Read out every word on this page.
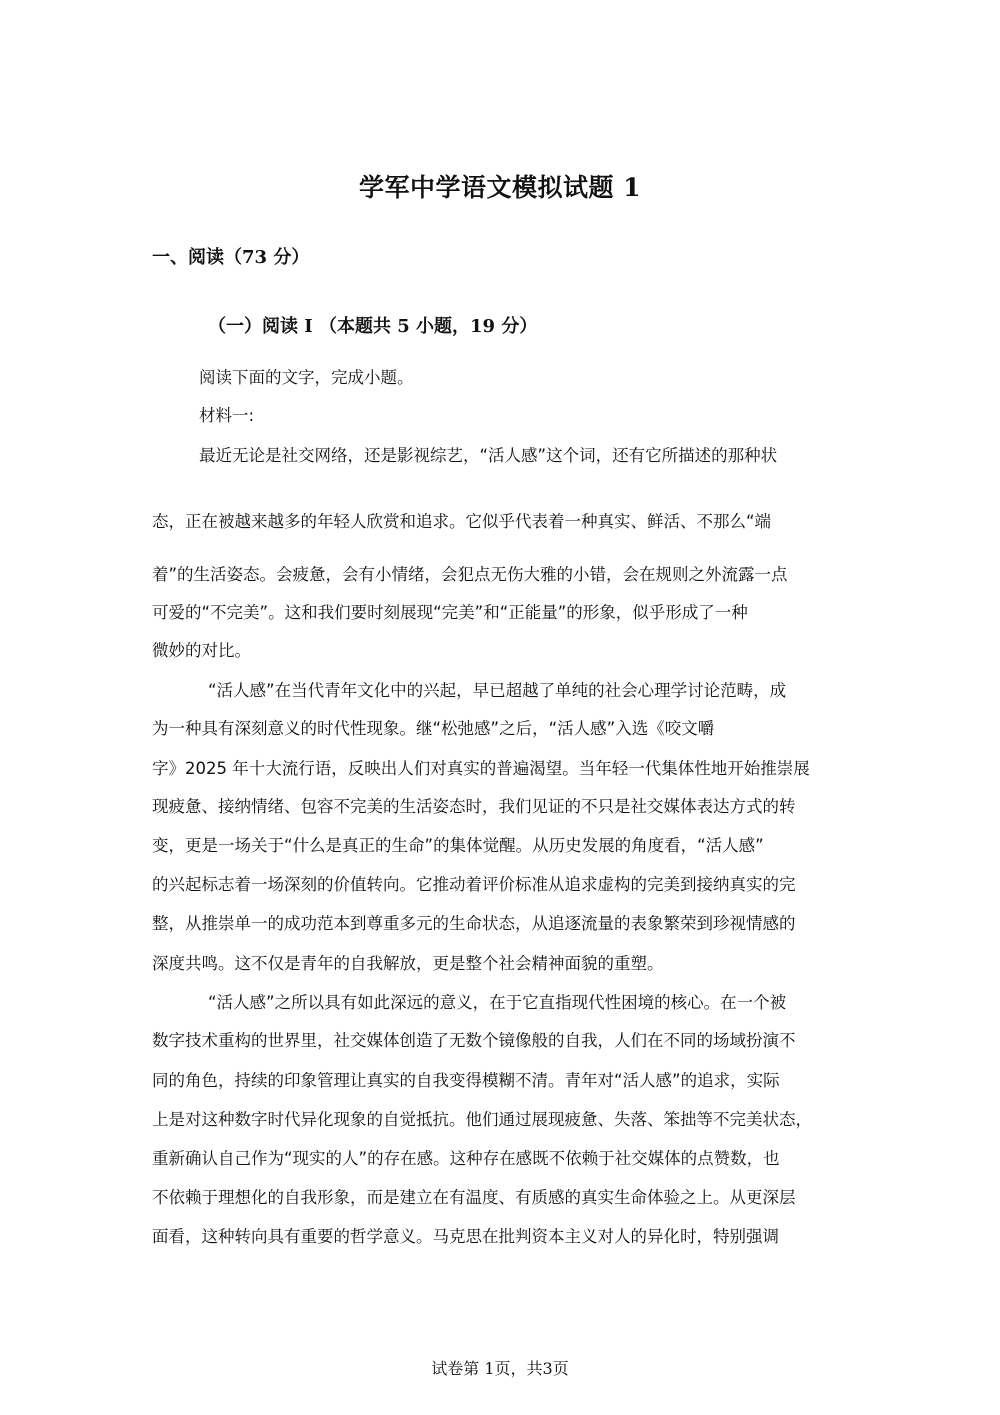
学军中学语文模拟试题 1
一、阅读（73 分）
（一）阅读 I （本题共 5 小题，19 分）
阅读下面的文字，完成小题。
材料一:
最近无论是社交网络，还是影视综艺，“活人感”这个词，还有它所描述的那种状
态，正在被越来越多的年轻人欣赏和追求。它似乎代表着一种真实、鲜活、不那么“端
着”的生活姿态。会疲惫，会有小情绪，会犯点无伤大雅的小错，会在规则之外流露一点
可爱的“不完美”。这和我们要时刻展现“完美”和“正能量”的形象，似乎形成了一种
微妙的对比。
“活人感”在当代青年文化中的兴起，早已超越了单纯的社会心理学讨论范畴，成
为一种具有深刻意义的时代性现象。继“松弛感”之后，“活人感”入选《咬文嚼
字》2025 年十大流行语，反映出人们对真实的普遍渴望。当年轻一代集体性地开始推崇展
现疲惫、接纳情绪、包容不完美的生活姿态时，我们见证的不只是社交媒体表达方式的转
变，更是一场关于“什么是真正的生命”的集体觉醒。从历史发展的角度看，“活人感”
的兴起标志着一场深刻的价值转向。它推动着评价标准从追求虚构的完美到接纳真实的完
整，从推崇单一的成功范本到尊重多元的生命状态，从追逐流量的表象繁荣到珍视情感的
深度共鸣。这不仅是青年的自我解放，更是整个社会精神面貌的重塑。
“活人感”之所以具有如此深远的意义，在于它直指现代性困境的核心。在一个被
数字技术重构的世界里，社交媒体创造了无数个镜像般的自我，人们在不同的场域扮演不
同的角色，持续的印象管理让真实的自我变得模糊不清。青年对“活人感”的追求，实际
上是对这种数字时代异化现象的自觉抵抗。他们通过展现疲惫、失落、笨拙等不完美状态，
重新确认自己作为“现实的人”的存在感。这种存在感既不依赖于社交媒体的点赞数，也
不依赖于理想化的自我形象，而是建立在有温度、有质感的真实生命体验之上。从更深层
面看，这种转向具有重要的哲学意义。马克思在批判资本主义对人的异化时，特别强调
试卷第 1页，共3页
